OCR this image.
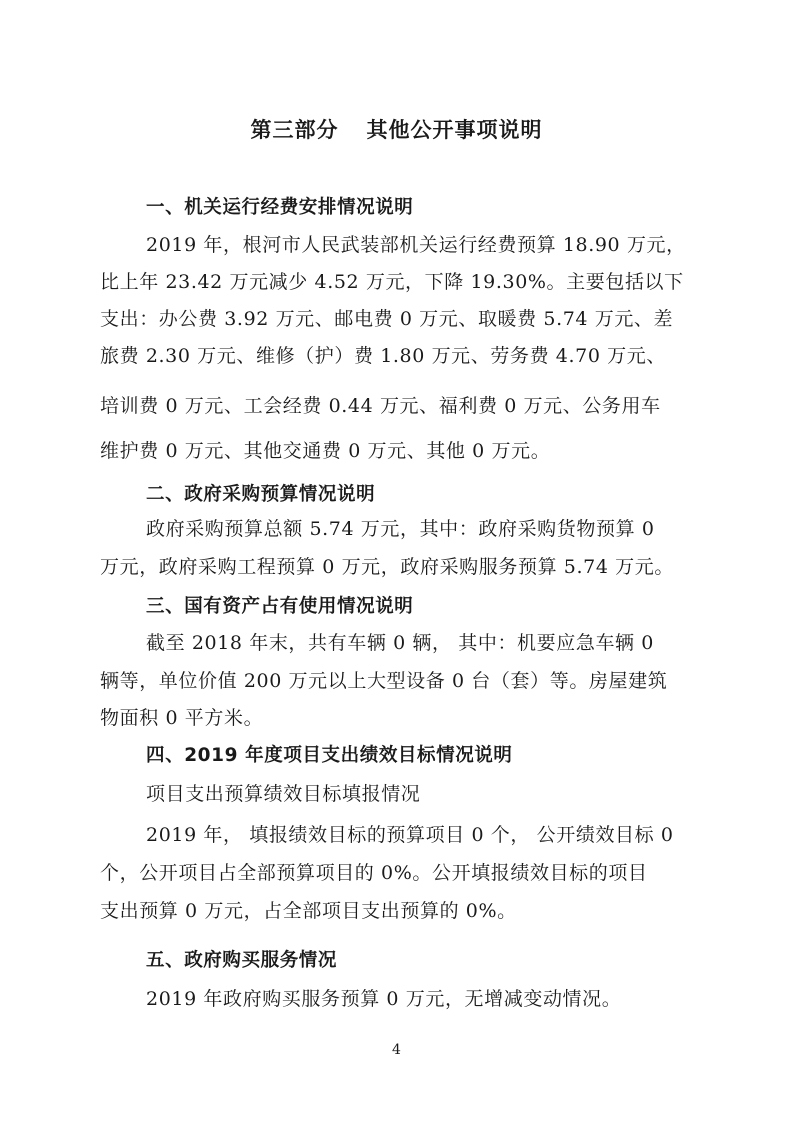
第三部分 其他公开事项说明
一、机关运行经费安排情况说明
2019 年，根河市人民武装部机关运行经费预算 18.90 万元，
比上年 23.42 万元减少 4.52 万元，下降 19.30%。主要包括以下
支出：办公费 3.92 万元、邮电费 0 万元、取暖费 5.74 万元、差
旅费 2.30 万元、维修（护）费 1.80 万元、劳务费 4.70 万元、
培训费 0 万元、工会经费 0.44 万元、福利费 0 万元、公务用车
维护费 0 万元、其他交通费 0 万元、其他 0 万元。
二、政府采购预算情况说明
政府采购预算总额 5.74 万元，其中：政府采购货物预算 0
万元，政府采购工程预算 0 万元，政府采购服务预算 5.74 万元。
三、国有资产占有使用情况说明
截至 2018 年末，共有车辆 0 辆， 其中：机要应急车辆 0
辆等，单位价值 200 万元以上大型设备 0 台（套）等。房屋建筑
物面积 0 平方米。
四、2019 年度项目支出绩效目标情况说明
项目支出预算绩效目标填报情况
2019 年， 填报绩效目标的预算项目 0 个， 公开绩效目标 0
个，公开项目占全部预算项目的 0%。公开填报绩效目标的项目
支出预算 0 万元，占全部项目支出预算的 0%。
五、政府购买服务情况
2019 年政府购买服务预算 0 万元，无增减变动情况。
4
